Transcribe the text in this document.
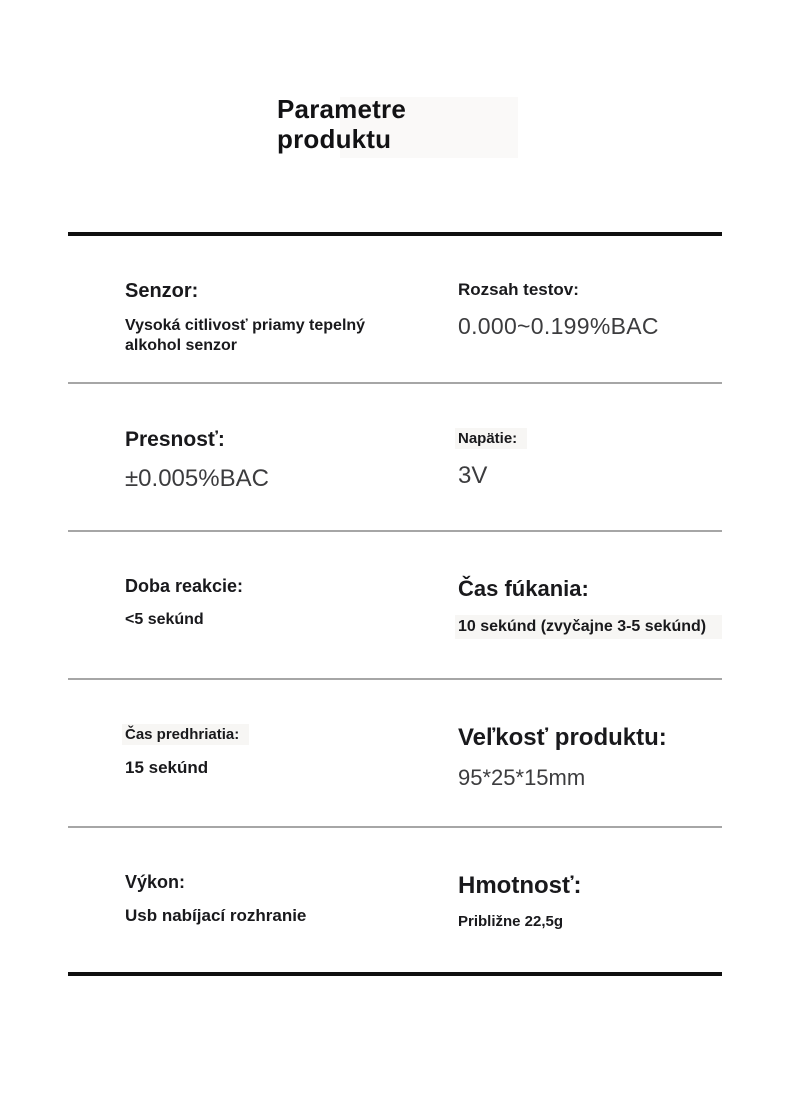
Parametre
produktu
Senzor:
Vysoká citlivosť priamy tepelný alkohol senzor
Rozsah testov:
0.000~0.199%BAC
Presnosť:
±0.005%BAC
Napätie:
3V
Doba reakcie:
<5 sekúnd
Čas fúkania:
10 sekúnd (zvyčajne 3-5 sekúnd)
Čas predhriatia:
15 sekúnd
Veľkosť produktu:
95*25*15mm
Výkon:
Usb nabíjací rozhranie
Hmotnosť:
Približne 22,5g
